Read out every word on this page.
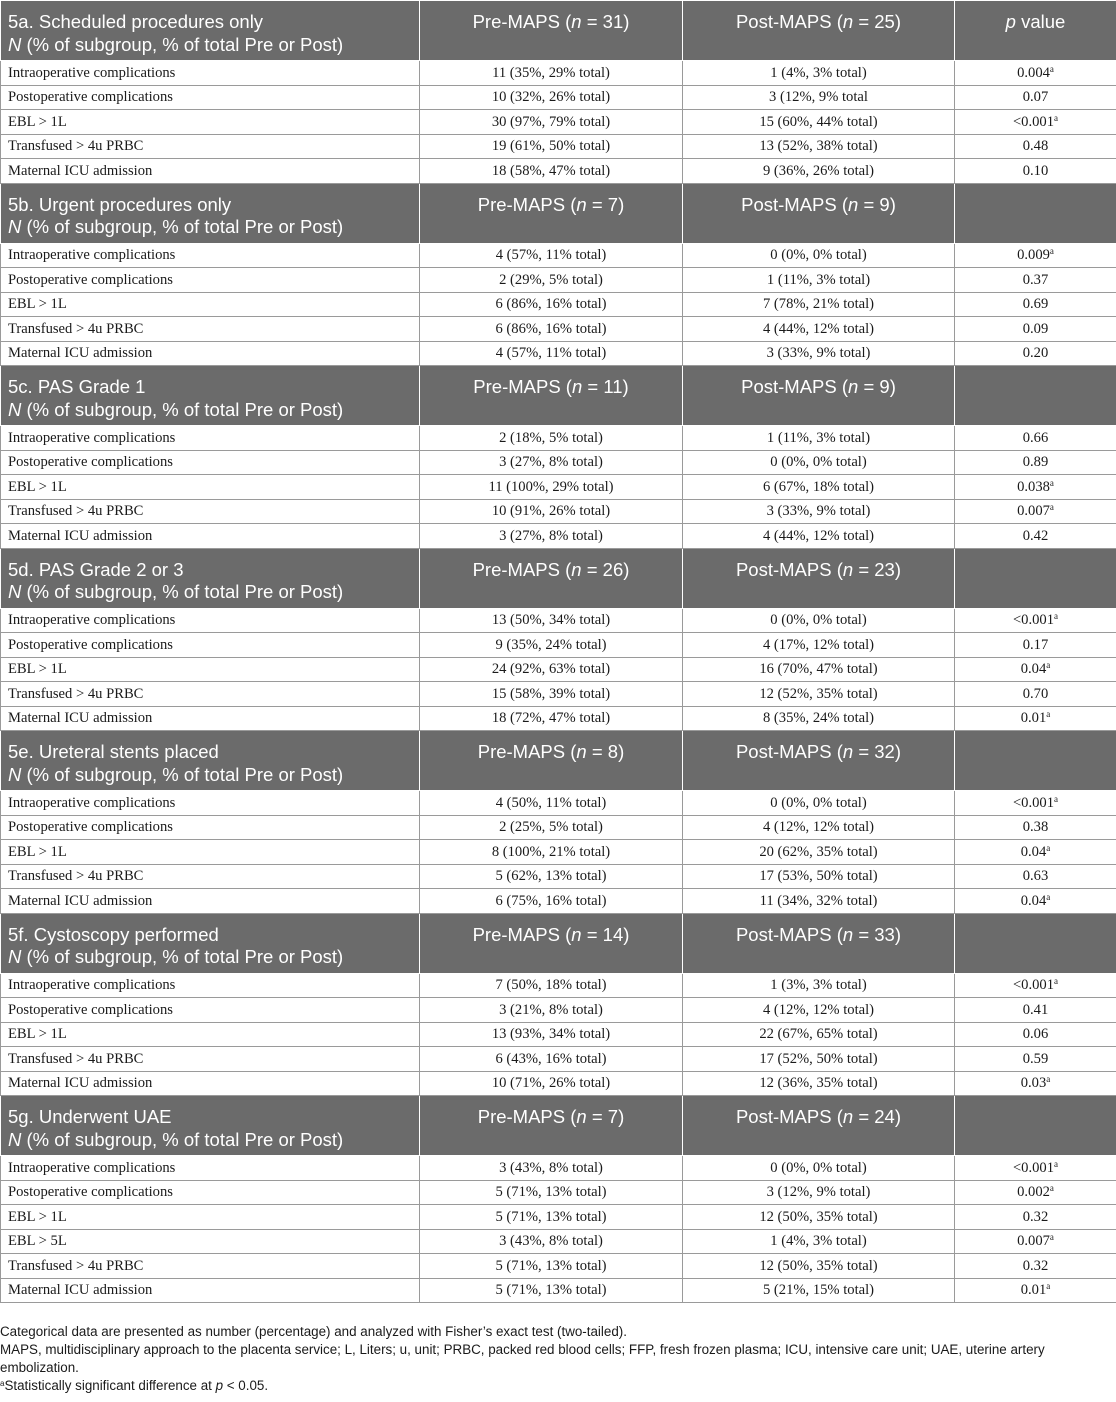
5a. Scheduled procedures only
N (% of subgroup, % of total Pre or Post)	Pre-MAPS (n = 31)	Post-MAPS (n = 25)	p value
Intraoperative complications	11 (35%, 29% total)	1 (4%, 3% total)	0.004$^a$
Postoperative complications	10 (32%, 26% total)	3 (12%, 9% total	0.07
EBL > 1L	30 (97%, 79% total)	15 (60%, 44% total)	<0.001$^a$
Transfused > 4u PRBC	19 (61%, 50% total)	13 (52%, 38% total)	0.48
Maternal ICU admission	18 (58%, 47% total)	9 (36%, 26% total)	0.10
5b. Urgent procedures only
N (% of subgroup, % of total Pre or Post)	Pre-MAPS (n = 7)	Post-MAPS (n = 9)	
Intraoperative complications	4 (57%, 11% total)	0 (0%, 0% total)	0.009$^a$
Postoperative complications	2 (29%, 5% total)	1 (11%, 3% total)	0.37
EBL > 1L	6 (86%, 16% total)	7 (78%, 21% total)	0.69
Transfused > 4u PRBC	6 (86%, 16% total)	4 (44%, 12% total)	0.09
Maternal ICU admission	4 (57%, 11% total)	3 (33%, 9% total)	0.20
5c. PAS Grade 1
N (% of subgroup, % of total Pre or Post)	Pre-MAPS (n = 11)	Post-MAPS (n = 9)	
Intraoperative complications	2 (18%, 5% total)	1 (11%, 3% total)	0.66
Postoperative complications	3 (27%, 8% total)	0 (0%, 0% total)	0.89
EBL > 1L	11 (100%, 29% total)	6 (67%, 18% total)	0.038$^a$
Transfused > 4u PRBC	10 (91%, 26% total)	3 (33%, 9% total)	0.007$^a$
Maternal ICU admission	3 (27%, 8% total)	4 (44%, 12% total)	0.42
5d. PAS Grade 2 or 3
N (% of subgroup, % of total Pre or Post)	Pre-MAPS (n = 26)	Post-MAPS (n = 23)	
Intraoperative complications	13 (50%, 34% total)	0 (0%, 0% total)	<0.001$^a$
Postoperative complications	9 (35%, 24% total)	4 (17%, 12% total)	0.17
EBL > 1L	24 (92%, 63% total)	16 (70%, 47% total)	0.04$^a$
Transfused > 4u PRBC	15 (58%, 39% total)	12 (52%, 35% total)	0.70
Maternal ICU admission	18 (72%, 47% total)	8 (35%, 24% total)	0.01$^a$
5e. Ureteral stents placed
N (% of subgroup, % of total Pre or Post)	Pre-MAPS (n = 8)	Post-MAPS (n = 32)	
Intraoperative complications	4 (50%, 11% total)	0 (0%, 0% total)	<0.001$^a$
Postoperative complications	2 (25%, 5% total)	4 (12%, 12% total)	0.38
EBL > 1L	8 (100%, 21% total)	20 (62%, 35% total)	0.04$^a$
Transfused > 4u PRBC	5 (62%, 13% total)	17 (53%, 50% total)	0.63
Maternal ICU admission	6 (75%, 16% total)	11 (34%, 32% total)	0.04$^a$
5f. Cystoscopy performed
N (% of subgroup, % of total Pre or Post)	Pre-MAPS (n = 14)	Post-MAPS (n = 33)	
Intraoperative complications	7 (50%, 18% total)	1 (3%, 3% total)	<0.001$^a$
Postoperative complications	3 (21%, 8% total)	4 (12%, 12% total)	0.41
EBL > 1L	13 (93%, 34% total)	22 (67%, 65% total)	0.06
Transfused > 4u PRBC	6 (43%, 16% total)	17 (52%, 50% total)	0.59
Maternal ICU admission	10 (71%, 26% total)	12 (36%, 35% total)	0.03$^a$
5g. Underwent UAE
N (% of subgroup, % of total Pre or Post)	Pre-MAPS (n = 7)	Post-MAPS (n = 24)	
Intraoperative complications	3 (43%, 8% total)	0 (0%, 0% total)	<0.001$^a$
Postoperative complications	5 (71%, 13% total)	3 (12%, 9% total)	0.002$^a$
EBL > 1L	5 (71%, 13% total)	12 (50%, 35% total)	0.32
EBL > 5L	3 (43%, 8% total)	1 (4%, 3% total)	0.007$^a$
Transfused > 4u PRBC	5 (71%, 13% total)	12 (50%, 35% total)	0.32
Maternal ICU admission	5 (71%, 13% total)	5 (21%, 15% total)	0.01$^a$

Categorical data are presented as number (percentage) and analyzed with Fisher’s exact test (two-tailed).

MAPS, multidisciplinary approach to the placenta service; L, Liters; u, unit; PRBC, packed red blood cells; FFP, fresh frozen plasma; ICU, intensive care unit; UAE, uterine artery embolization.

$^a$Statistically significant difference at p < 0.05.
